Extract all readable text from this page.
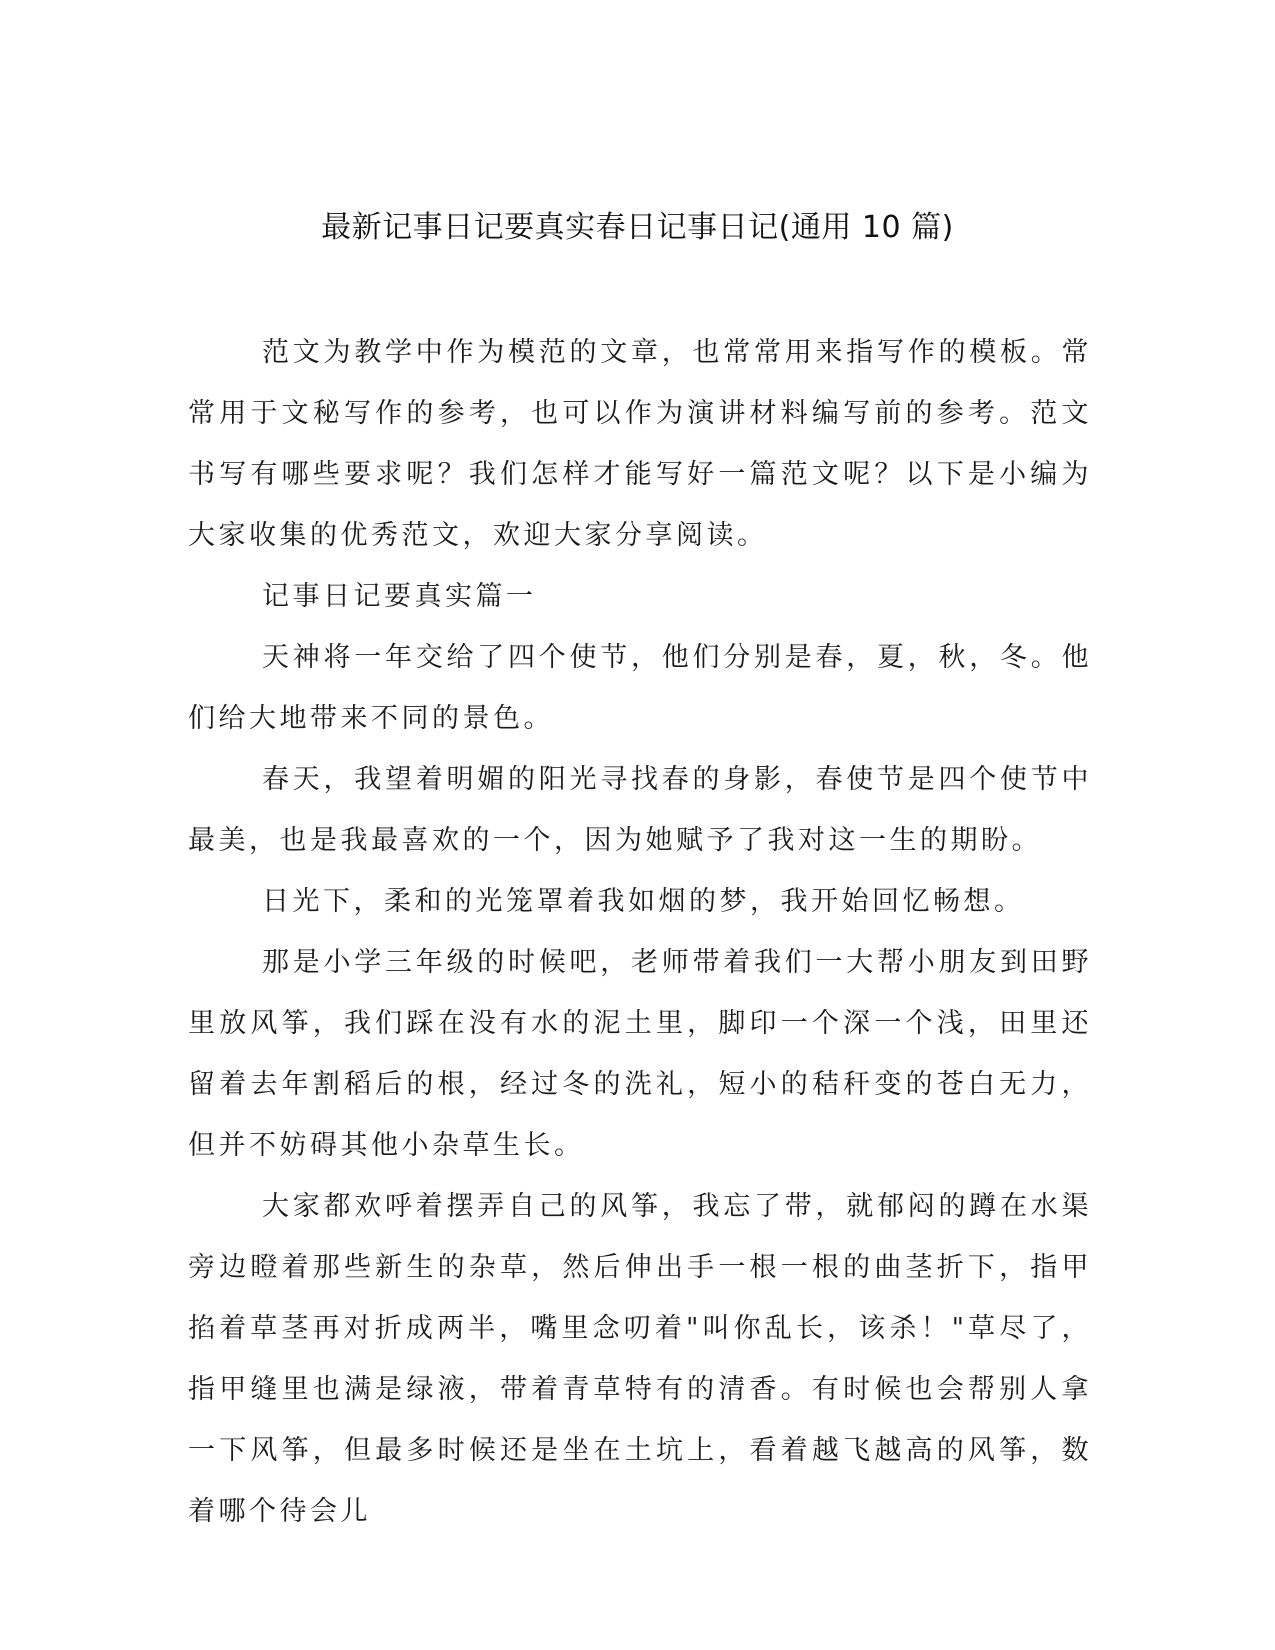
最新记事日记要真实春日记事日记(通用 10 篇)

范文为教学中作为模范的文章，也常常用来指写作的模板。常常用于文秘写作的参考，也可以作为演讲材料编写前的参考。范文书写有哪些要求呢？我们怎样才能写好一篇范文呢？以下是小编为大家收集的优秀范文，欢迎大家分享阅读。

记事日记要真实篇一

天神将一年交给了四个使节，他们分别是春，夏，秋，冬。他们给大地带来不同的景色。

春天，我望着明媚的阳光寻找春的身影，春使节是四个使节中最美，也是我最喜欢的一个，因为她赋予了我对这一生的期盼。

日光下，柔和的光笼罩着我如烟的梦，我开始回忆畅想。

那是小学三年级的时候吧，老师带着我们一大帮小朋友到田野里放风筝，我们踩在没有水的泥土里，脚印一个深一个浅，田里还留着去年割稻后的根，经过冬的洗礼，短小的秸秆变的苍白无力，但并不妨碍其他小杂草生长。

大家都欢呼着摆弄自己的风筝，我忘了带，就郁闷的蹲在水渠旁边瞪着那些新生的杂草，然后伸出手一根一根的曲茎折下，指甲掐着草茎再对折成两半，嘴里念叨着"叫你乱长，该杀！"草尽了，指甲缝里也满是绿液，带着青草特有的清香。有时候也会帮别人拿一下风筝，但最多时候还是坐在土坑上，看着越飞越高的风筝，数着哪个待会儿
